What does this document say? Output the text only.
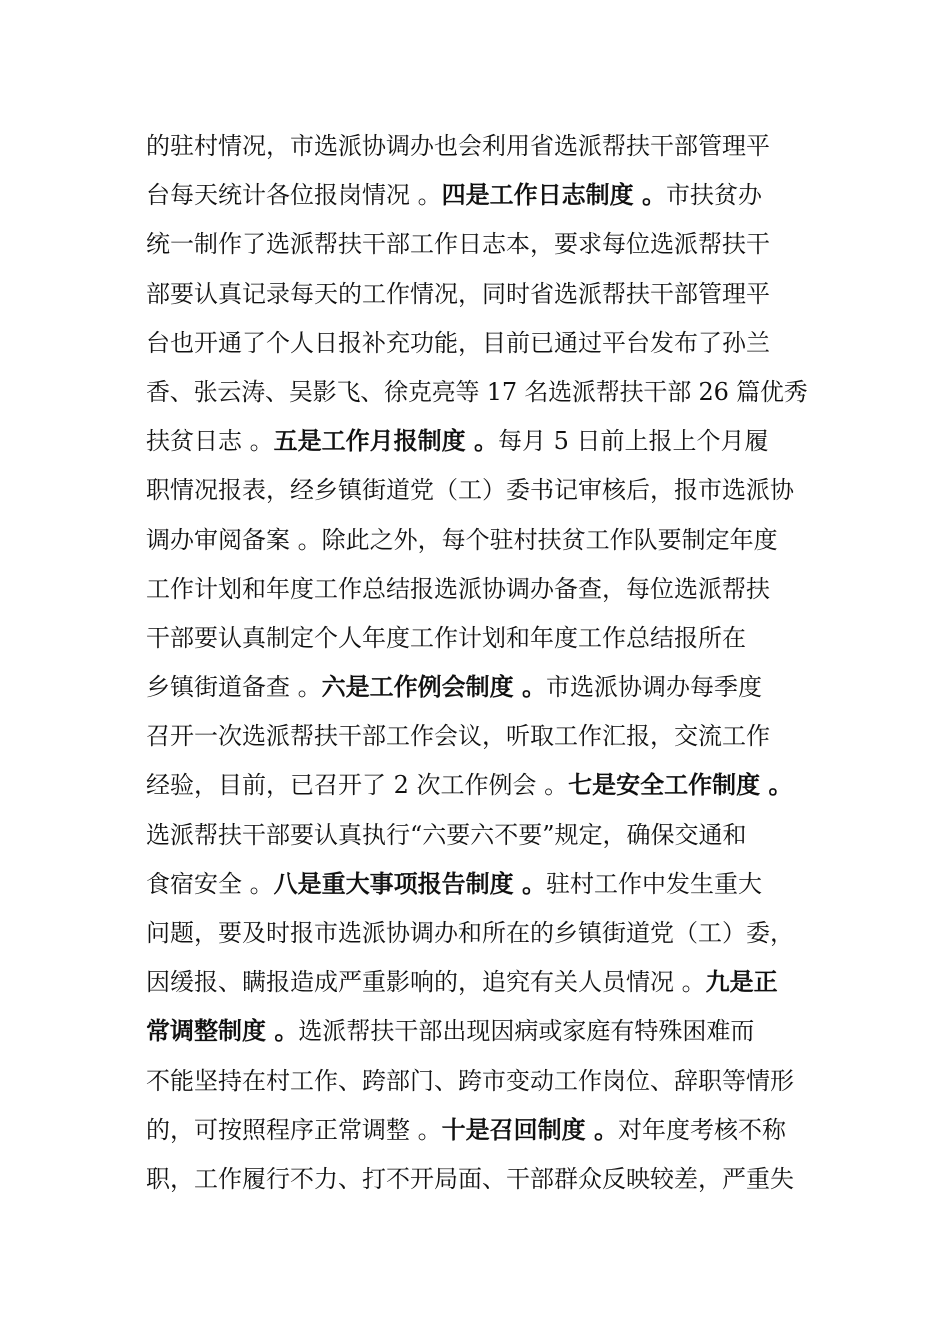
的驻村情况，市选派协调办也会利用省选派帮扶干部管理平
台每天统计各位报岗情况 。四是工作日志制度 。市扶贫办
统一制作了选派帮扶干部工作日志本，要求每位选派帮扶干
部要认真记录每天的工作情况，同时省选派帮扶干部管理平
台也开通了个人日报补充功能，目前已通过平台发布了孙兰
香、张云涛、吴影飞、徐克亮等 17 名选派帮扶干部 26 篇优秀
扶贫日志 。五是工作月报制度 。每月 5 日前上报上个月履
职情况报表，经乡镇街道党（工）委书记审核后，报市选派协
调办审阅备案 。除此之外，每个驻村扶贫工作队要制定年度
工作计划和年度工作总结报选派协调办备查，每位选派帮扶
干部要认真制定个人年度工作计划和年度工作总结报所在
乡镇街道备查 。六是工作例会制度 。市选派协调办每季度
召开一次选派帮扶干部工作会议，听取工作汇报，交流工作
经验，目前，已召开了 2 次工作例会 。七是安全工作制度 。
选派帮扶干部要认真执行“六要六不要”规定，确保交通和
食宿安全 。八是重大事项报告制度 。驻村工作中发生重大
问题，要及时报市选派协调办和所在的乡镇街道党（工）委，
因缓报、瞒报造成严重影响的，追究有关人员情况 。九是正
常调整制度 。选派帮扶干部出现因病或家庭有特殊困难而
不能坚持在村工作、跨部门、跨市变动工作岗位、辞职等情形
的，可按照程序正常调整 。十是召回制度 。对年度考核不称
职，工作履行不力、打不开局面、干部群众反映较差，严重失
